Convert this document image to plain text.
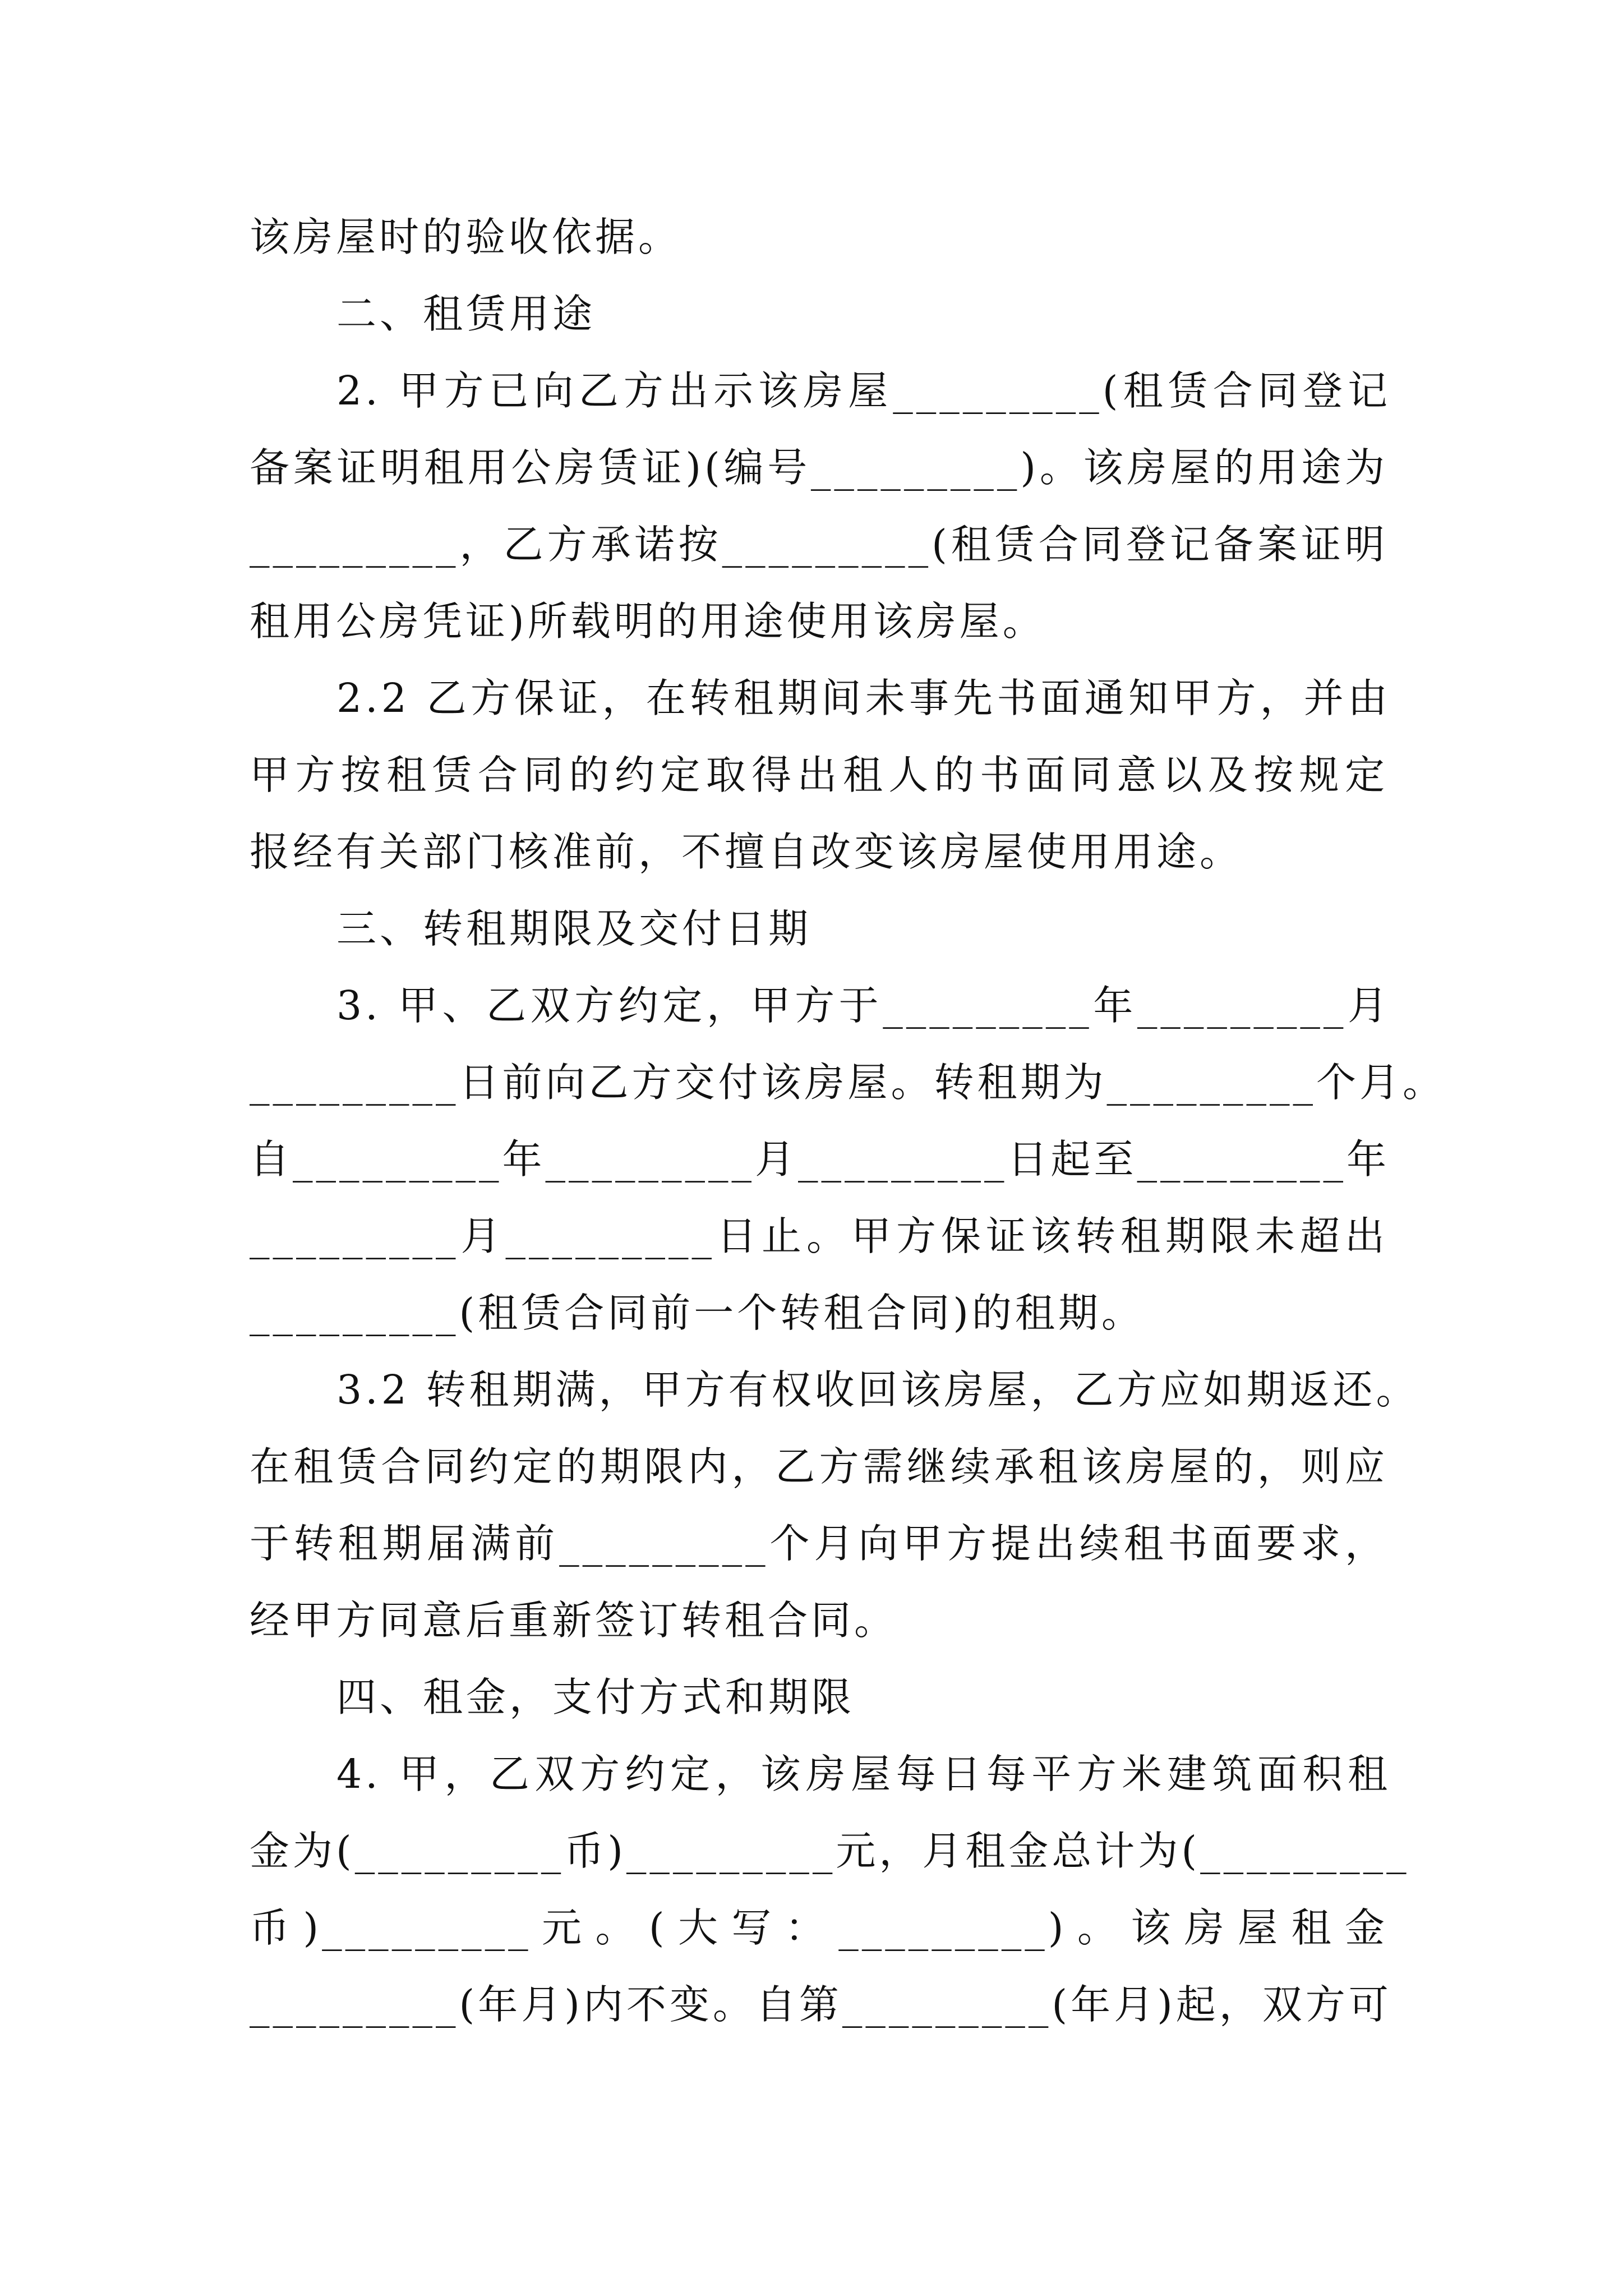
该房屋时的验收依据。
二、租赁用途
2. 甲方已向乙方出示该房屋_________(租赁合同登记
备案证明租用公房赁证)(编号_________)。该房屋的用途为
_________，乙方承诺按_________(租赁合同登记备案证明
租用公房凭证)所载明的用途使用该房屋。
2.2 乙方保证，在转租期间未事先书面通知甲方，并由
甲方按租赁合同的约定取得出租人的书面同意以及按规定
报经有关部门核准前，不擅自改变该房屋使用用途。
三、转租期限及交付日期
3. 甲、乙双方约定，甲方于_________年_________月
_________日前向乙方交付该房屋。转租期为_________个月。
自_________年_________月_________日起至_________年
_________月_________日止。甲方保证该转租期限未超出
_________(租赁合同前一个转租合同)的租期。
3.2 转租期满，甲方有权收回该房屋，乙方应如期返还。
在租赁合同约定的期限内，乙方需继续承租该房屋的，则应
于转租期届满前_________个月向甲方提出续租书面要求，
经甲方同意后重新签订转租合同。
四、租金，支付方式和期限
4. 甲，乙双方约定，该房屋每日每平方米建筑面积租
金为(_________币)_________元，月租金总计为(_________
币)_________元。(大写：_________)。该房屋租金
_________(年月)内不变。自第_________(年月)起，双方可
